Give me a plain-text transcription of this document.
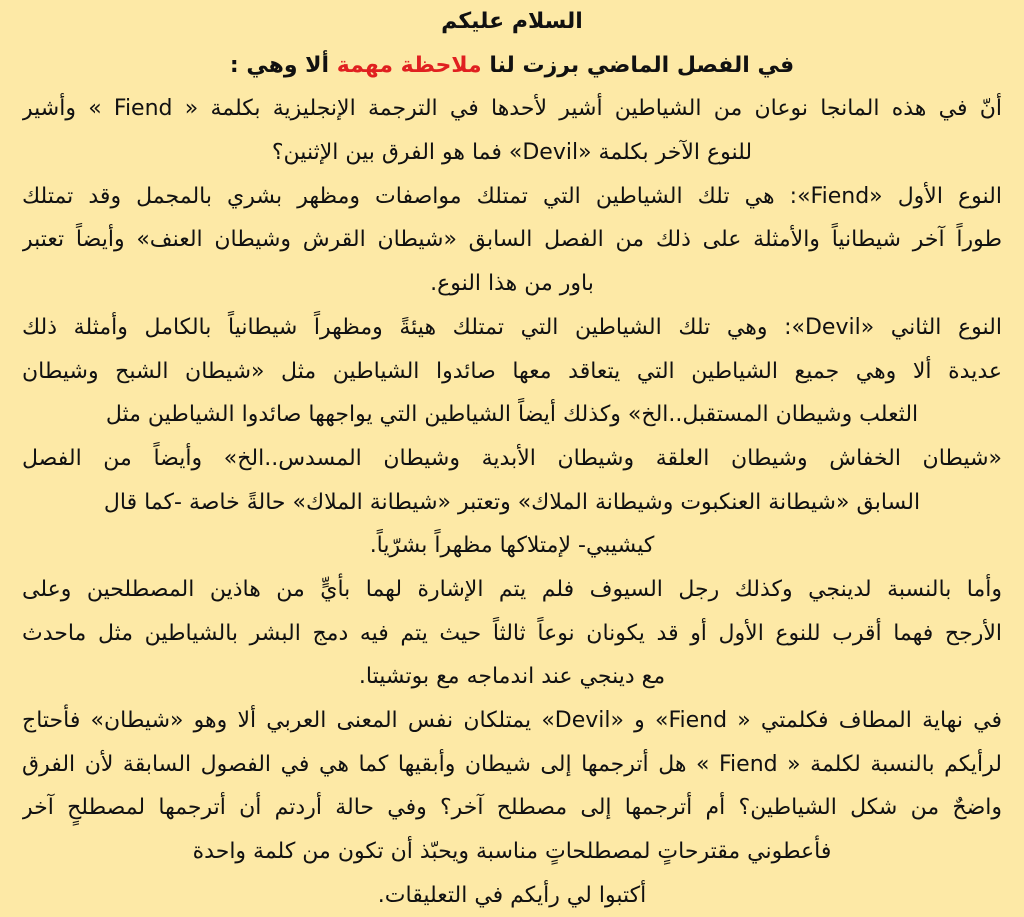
السلام عليكم
في الفصل الماضي برزت لنا ملاحظة مهمة ألا وهي :
أنّ في هذه المانجا نوعان من الشياطين أشير لأحدها في الترجمة الإنجليزية بكلمة « Fiend » وأشير
للنوع الآخر بكلمة «Devil» فما هو الفرق بين الإثنين؟
النوع الأول «Fiend»: هي تلك الشياطين التي تمتلك مواصفات ومظهر بشري بالمجمل وقد تمتلك
طوراً آخر شيطانياً والأمثلة على ذلك من الفصل السابق «شيطان القرش وشيطان العنف» وأيضاً تعتبر
باور من هذا النوع.
النوع الثاني «Devil»: وهي تلك الشياطين التي تمتلك هيئةً ومظهراً شيطانياً بالكامل وأمثلة ذلك
عديدة ألا وهي جميع الشياطين التي يتعاقد معها صائدوا الشياطين مثل «شيطان الشبح وشيطان
الثعلب وشيطان المستقبل..الخ» وكذلك أيضاً الشياطين التي يواجهها صائدوا الشياطين مثل
«شيطان الخفاش وشيطان العلقة وشيطان الأبدية وشيطان المسدس..الخ» وأيضاً من الفصل
السابق «شيطانة العنكبوت وشيطانة الملاك» وتعتبر «شيطانة الملاك» حالةً خاصة -كما قال
كيشيبي- لإمتلاكها مظهراً بشرّياً.
وأما بالنسبة لدينجي وكذلك رجل السيوف فلم يتم الإشارة لهما بأيٍّ من هاذين المصطلحين وعلى
الأرجح فهما أقرب للنوع الأول أو قد يكونان نوعاً ثالثاً حيث يتم فيه دمج البشر بالشياطين مثل ماحدث
مع دينجي عند اندماجه مع بوتشيتا.
في نهاية المطاف فكلمتي « Fiend» و «Devil» يمتلكان نفس المعنى العربي ألا وهو «شيطان» فأحتاج
لرأيكم بالنسبة لكلمة « Fiend » هل أترجمها إلى شيطان وأبقيها كما هي في الفصول السابقة لأن الفرق
واضحٌ من شكل الشياطين؟ أم أترجمها إلى مصطلح آخر؟ وفي حالة أردتم أن أترجمها لمصطلحٍ آخر
فأعطوني مقترحاتٍ لمصطلحاتٍ مناسبة ويحبّذ أن تكون من كلمة واحدة
أكتبوا لي رأيكم في التعليقات.
